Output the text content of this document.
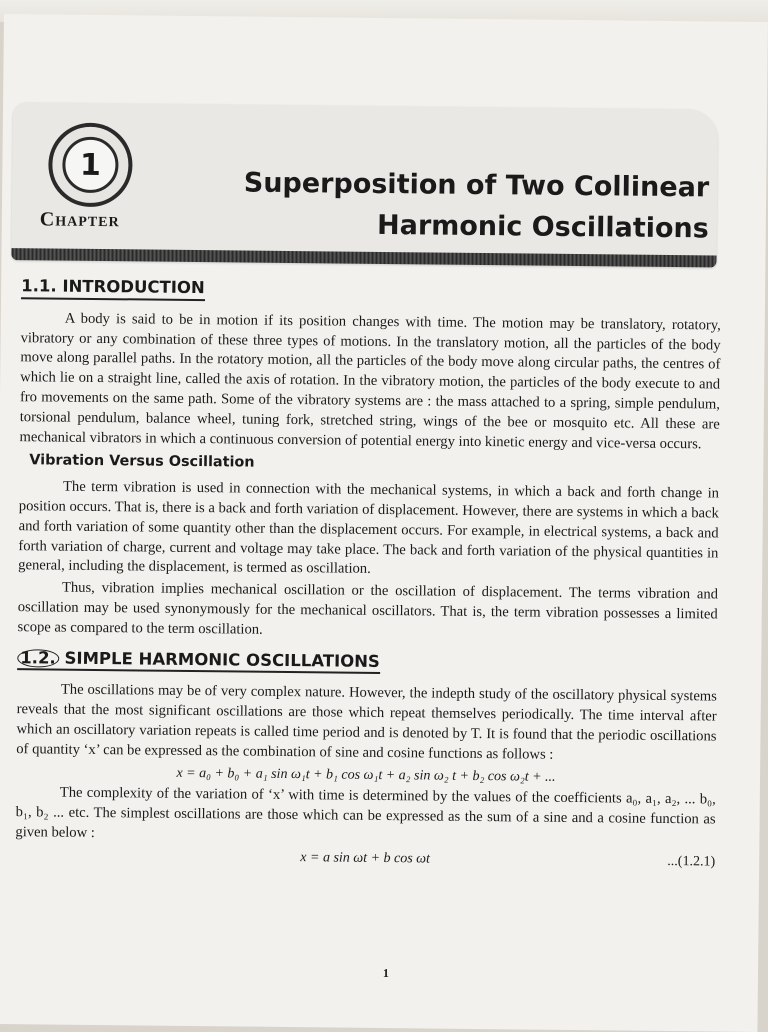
1
Chapter
Superposition of Two Collinear
Harmonic Oscillations
1.1. INTRODUCTION

A body is said to be in motion if its position changes with time. The motion may be translatory, rotatory, vibratory or any combination of these three types of motions. In the translatory motion, all the particles of the body move along parallel paths. In the rotatory motion, all the particles of the body move along circular paths, the centres of which lie on a straight line, called the axis of rotation. In the vibratory motion, the particles of the body execute to and fro movements on the same path. Some of the vibratory systems are : the mass attached to a spring, simple pendulum, torsional pendulum, balance wheel, tuning fork, stretched string, wings of the bee or mosquito etc. All these are mechanical vibrators in which a continuous conversion of potential energy into kinetic energy and vice-versa occurs.

Vibration Versus Oscillation

The term vibration is used in connection with the mechanical systems, in which a back and forth change in position occurs. That is, there is a back and forth variation of displacement. However, there are systems in which a back and forth variation of some quantity other than the displacement occurs. For example, in electrical systems, a back and forth variation of charge, current and voltage may take place. The back and forth variation of the physical quantities in general, including the displacement, is termed as oscillation.

Thus, vibration implies mechanical oscillation or the oscillation of displacement. The terms vibration and oscillation may be used synonymously for the mechanical oscillators. That is, the term vibration possesses a limited scope as compared to the term oscillation.

1.2. SIMPLE HARMONIC OSCILLATIONS

The oscillations may be of very complex nature. However, the indepth study of the oscillatory physical systems reveals that the most significant oscillations are those which repeat themselves periodically. The time interval after which an oscillatory variation repeats is called time period and is denoted by T. It is found that the periodic oscillations of quantity ‘x’ can be expressed as the combination of sine and cosine functions as follows :

x = a₀ + b₀ + a₁ sin ω₁t + b₁ cos ω₁t + a₂ sin ω₂ t + b₂ cos ω₂t + ...

The complexity of the variation of ‘x’ with time is determined by the values of the coefficients a₀, a₁, a₂, ... b₀, b₁, b₂ ... etc. The simplest oscillations are those which can be expressed as the sum of a sine and a cosine function as given below :

x = a sin ωt + b cos ωt	...(1.2.1)
1
